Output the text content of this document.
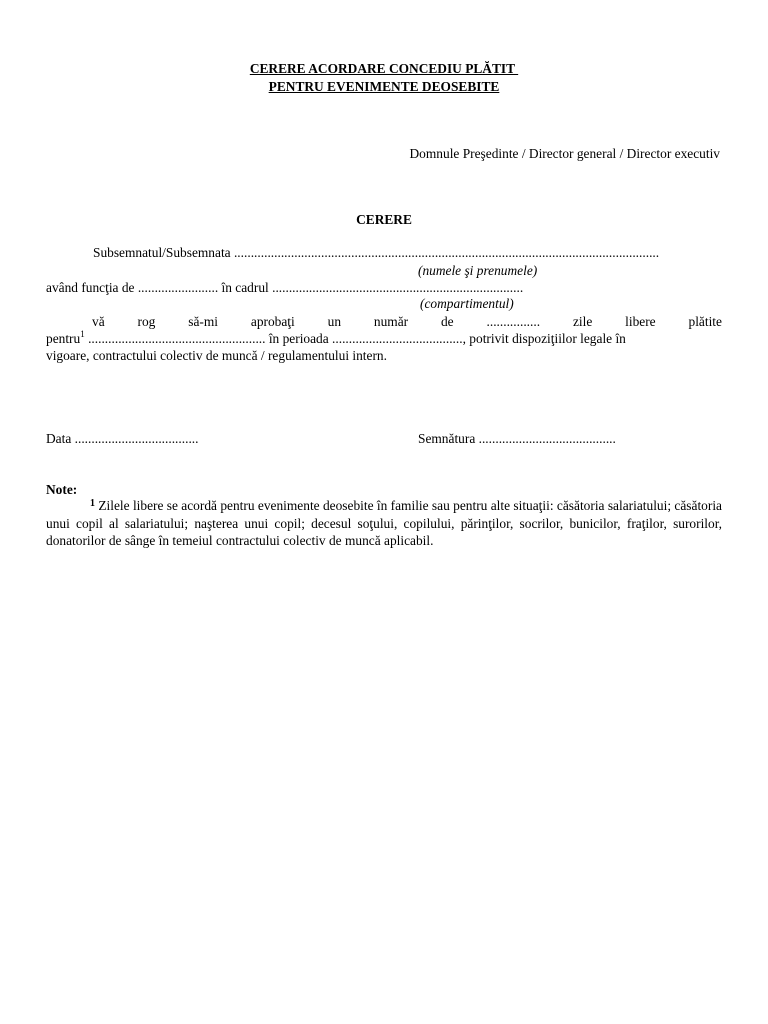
CERERE ACORDARE CONCEDIU PLĂTIT
PENTRU EVENIMENTE DEOSEBITE
Domnule Preşedinte / Director general / Director executiv
CERERE
Subsemnatul/Subsemnata ...............................................................................................................................
(numele şi prenumele)
având funcţia de ........................ în cadrul ...........................................................................
(compartimentul)
vă rog să-mi aprobaţi un număr de ................ zile libere plătite
pentru$^1$ ..................................................... în perioada ......................................., potrivit dispoziţiilor legale în
vigoare, contractului colectiv de muncă / regulamentului intern.
Data .....................................	Semnătura .........................................
Note:
$^1$ Zilele libere se acordă pentru evenimente deosebite în familie sau pentru alte situaţii: căsătoria salariatului; căsătoria unui copil al salariatului; naşterea unui copil; decesul soţului, copilului, părinţilor, socrilor, bunicilor, fraţilor, surorilor, donatorilor de sânge în temeiul contractului colectiv de muncă aplicabil.
